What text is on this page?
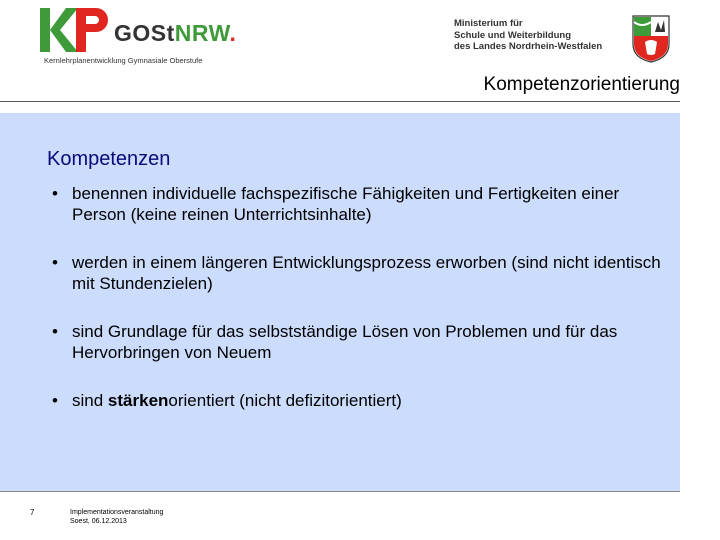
GOStNRW.
Kernlehrplanentwicklung Gymnasiale Oberstufe
Ministerium für
Schule und Weiterbildung
des Landes Nordrhein-Westfalen
Kompetenzorientierung
Kompetenzen
• benennen individuelle fachspezifische Fähigkeiten und Fertigkeiten einer Person (keine reinen Unterrichtsinhalte)
• werden in einem längeren Entwicklungsprozess erworben (sind nicht identisch mit Stundenzielen)
• sind Grundlage für das selbstständige Lösen von Problemen und für das Hervorbringen von Neuem
• sind stärkenorientiert (nicht defizitorientiert)
7	Implementationsveranstaltung
Soest, 06.12.2013
